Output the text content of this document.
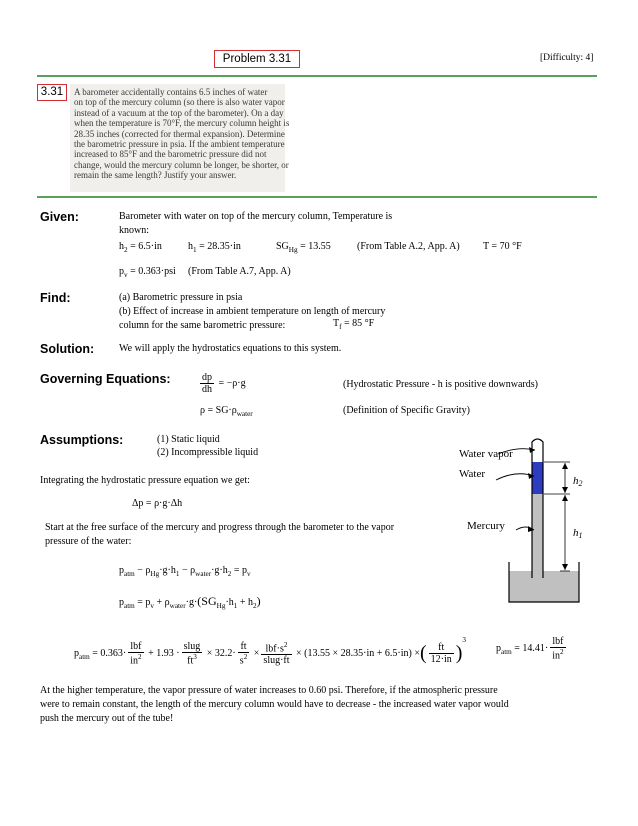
Problem 3.31	[Difficulty: 4]
3.31	A barometer accidentally contains 6.5 inches of water
on top of the mercury column (so there is also water vapor
instead of a vacuum at the top of the barometer). On a day
when the temperature is 70°F, the mercury column height is
28.35 inches (corrected for thermal expansion). Determine
the barometric pressure in psia. If the ambient temperature
increased to 85°F and the barometric pressure did not
change, would the mercury column be longer, be shorter, or
remain the same length? Justify your answer.
Given:	Barometer with water on top of the mercury column, Temperature is
known:
$h_2 = 6.5\cdot in$	$h_1 = 28.35\cdot in$	$SG_{Hg} = 13.55$	(From Table A.2, App. A) T = 70 °F
$p_v = 0.363\cdot psi$ (From Table A.7, App. A)
Find:	(a) Barometric pressure in psia
(b) Effect of increase in ambient temperature on length of mercury
column for the same barometric pressure:	$T_f = 85$ °F
Solution: We will apply the hydrostatics equations to this system.
Governing Equations:	$\frac{dp}{dh} = -\rho\cdot g$	(Hydrostatic Pressure - h is positive downwards)
$\rho = SG\cdot\rho_{water}$	(Definition of Specific Gravity)
Assumptions:	(1) Static liquid
(2) Incompressible liquid
Integrating the hydrostatic pressure equation we get:
Δp = ρ·g·Δh
Start at the free surface of the mercury and progress through the barometer to the vapor
pressure of the water:
$p_{atm} - \rho_{Hg}\cdot g\cdot h_1 - \rho_{water}\cdot g\cdot h_2 = p_v$
$p_{atm} = p_v + \rho_{water}\cdot g\cdot(SG_{Hg}\cdot h_1 + h_2)$
$p_{atm} = 0.363\cdot \frac{\text{lbf}}{in^2} + 1.93 \cdot \frac{\text{slug}}{ft^3} \times 32.2\cdot \frac{ft}{s^2} \times \frac{lbf\cdot s^2}{\text{slug·ft}} \times (13.55 \times 28.35\cdot in + 6.5\cdot in)$ ×( $\frac{ft}{12\cdot in} )^3$
$p_{atm} = 14.41\cdot \frac{\text{lbf}}{in^2}$
At the higher temperature, the vapor pressure of water increases to 0.60 psi. Therefore, if the atmospheric pressure
were to remain constant, the length of the mercury column would have to decrease - the increased water vapor would
push the mercury out of the tube!
Water vapor
Water
Mercury
h2
h1
